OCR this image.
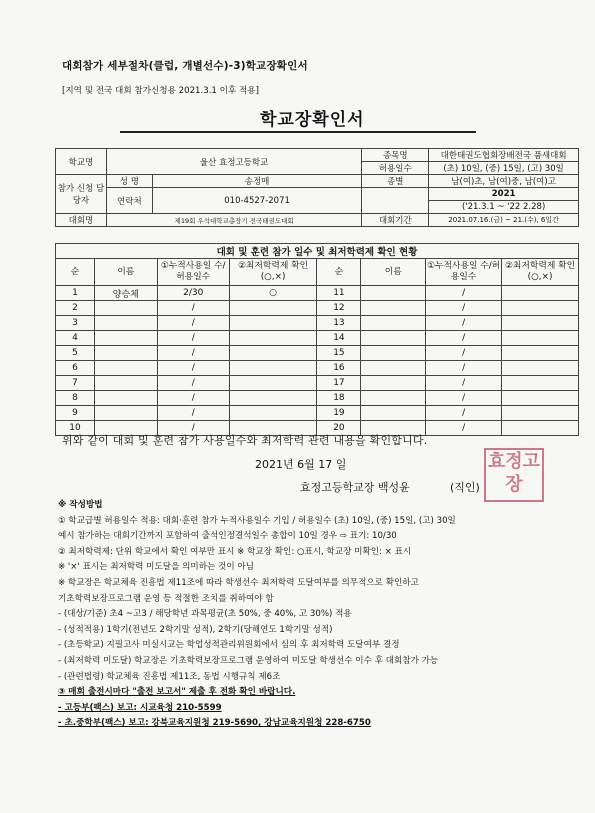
대회참가 세부절차(클럽, 개별선수)-3)학교장확인서
[지역 및 전국 대회 참가신청용 2021.3.1 이후 적용]
학교장확인서
학교명	울산 효정고등학교		종목명	대한태권도협회장배전국 품새대회
			허용일수	(초) 10일, (중) 15일, (고) 30일
참가 신청 담당자	성 명	송정매	종별	남(여)초, 남(여)중, 남(여)고
	연락처	010-4527-2071		2021
				('21.3.1 ~ '22 2.28)
대회명	제19회 우석대학교총장기 전국태권도대회		대회기간	2021.07.16.(금) ~ 21.(수), 6일간
대회 및 훈련 참가 일수 및 최저학력제 확인 현황							
순	이름	①누적사용일 수/허용일수	②최저학력제 확인(○,×)	순	이름	①누적사용일 수/허용일수	②최저학력제 확인(○,×)
1	양승체	2/30	○	11		/	
2		/		12		/	
3		/		13		/	
4		/		14		/	
5		/		15		/	
6		/		16		/	
7		/		17		/	
8		/		18		/	
9		/		19		/	
10		/		20		/	
위와 같이 대회 및 훈련 참가 사용일수와 최저학력 관련 내용을 확인합니다.
2021년 6월 17 일
효정고등학교장 백성윤
효정고장
(직인)
※ 작성방법
① 학교급별 허용일수 적용: 대회·훈련 참가 누적사용일수 기입 / 허용일수 (초) 10일, (중) 15일, (고) 30일
예시 참가하는 대회기간까지 포함하여 출석인정결석일수 총합이 10일 경우 ⇨ 표기: 10/30
② 최저학력제: 단위 학교에서 확인 여부만 표시 ※ 학교장 확인: ○표시, 학교장 미확인: × 표시
※ '×' 표시는 최저학력 미도달을 의미하는 것이 아님
※ 학교장은 학교체육 진흥법 제11조에 따라 학생선수 최저학력 도달여부를 의무적으로 확인하고
기초학력보장프로그램 운영 등 적절한 조치를 취하여야 함
- (대상/기준) 초4 ~고3 / 해당학년 과목평균(초 50%, 중 40%, 고 30%) 적용
- (성적적용) 1학기(전년도 2학기말 성적), 2학기(당해연도 1학기말 성적)
- (초등학교) 지필고사 미실시교는 학업성적관리위원회에서 심의 후 최저학력 도달여부 결정
- (최저학력 미도달) 학교장은 기초학력보장프로그램 운영하여 미도달 학생선수 이수 후 대회참가 가능
- (관련법령) 학교체육 진흥법 제11조, 동법 시행규칙 제6조
③ 매회 출전시마다 "출전 보고서" 제출 후 전화 확인 바랍니다.
- 고등부(팩스) 보고: 시교육청 210-5599
- 초.중학부(팩스) 보고: 강북교육지원청 219-5690, 강남교육지원청 228-6750
